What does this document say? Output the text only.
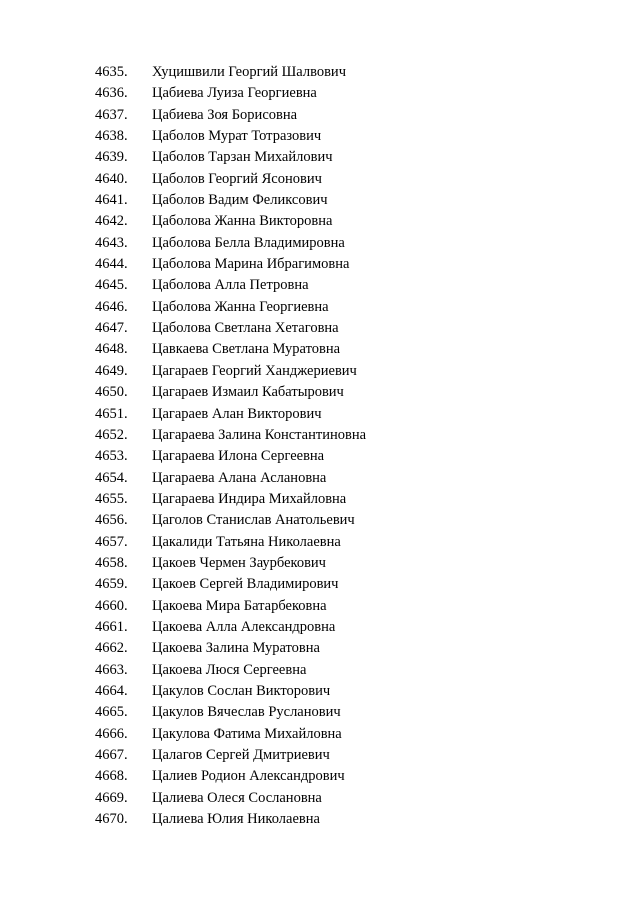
4635. Хуцишвили Георгий Шалвович
4636. Цабиева Луиза Георгиевна
4637. Цабиева Зоя Борисовна
4638. Цаболов Мурат Тотразович
4639. Цаболов Тарзан Михайлович
4640. Цаболов Георгий Ясонович
4641. Цаболов Вадим Феликсович
4642. Цаболова Жанна Викторовна
4643. Цаболова Белла Владимировна
4644. Цаболова Марина Ибрагимовна
4645. Цаболова Алла Петровна
4646. Цаболова Жанна Георгиевна
4647. Цаболова Светлана Хетаговна
4648. Цавкаева Светлана Муратовна
4649. Цагараев Георгий Ханджериевич
4650. Цагараев Измаил Кабатырович
4651. Цагараев Алан Викторович
4652. Цагараева Залина Константиновна
4653. Цагараева Илона Сергеевна
4654. Цагараева Алана Аслановна
4655. Цагараева Индира Михайловна
4656. Цаголов Станислав Анатольевич
4657. Цакалиди Татьяна Николаевна
4658. Цакоев Чермен Заурбекович
4659. Цакоев Сергей Владимирович
4660. Цакоева Мира Батарбековна
4661. Цакоева Алла Александровна
4662. Цакоева Залина Муратовна
4663. Цакоева Люся Сергеевна
4664. Цакулов Сослан Викторович
4665. Цакулов Вячеслав Русланович
4666. Цакулова Фатима Михайловна
4667. Цалагов Сергей Дмитриевич
4668. Цалиев Родион Александрович
4669. Цалиева Олеся Сослановна
4670. Цалиева Юлия Николаевна
